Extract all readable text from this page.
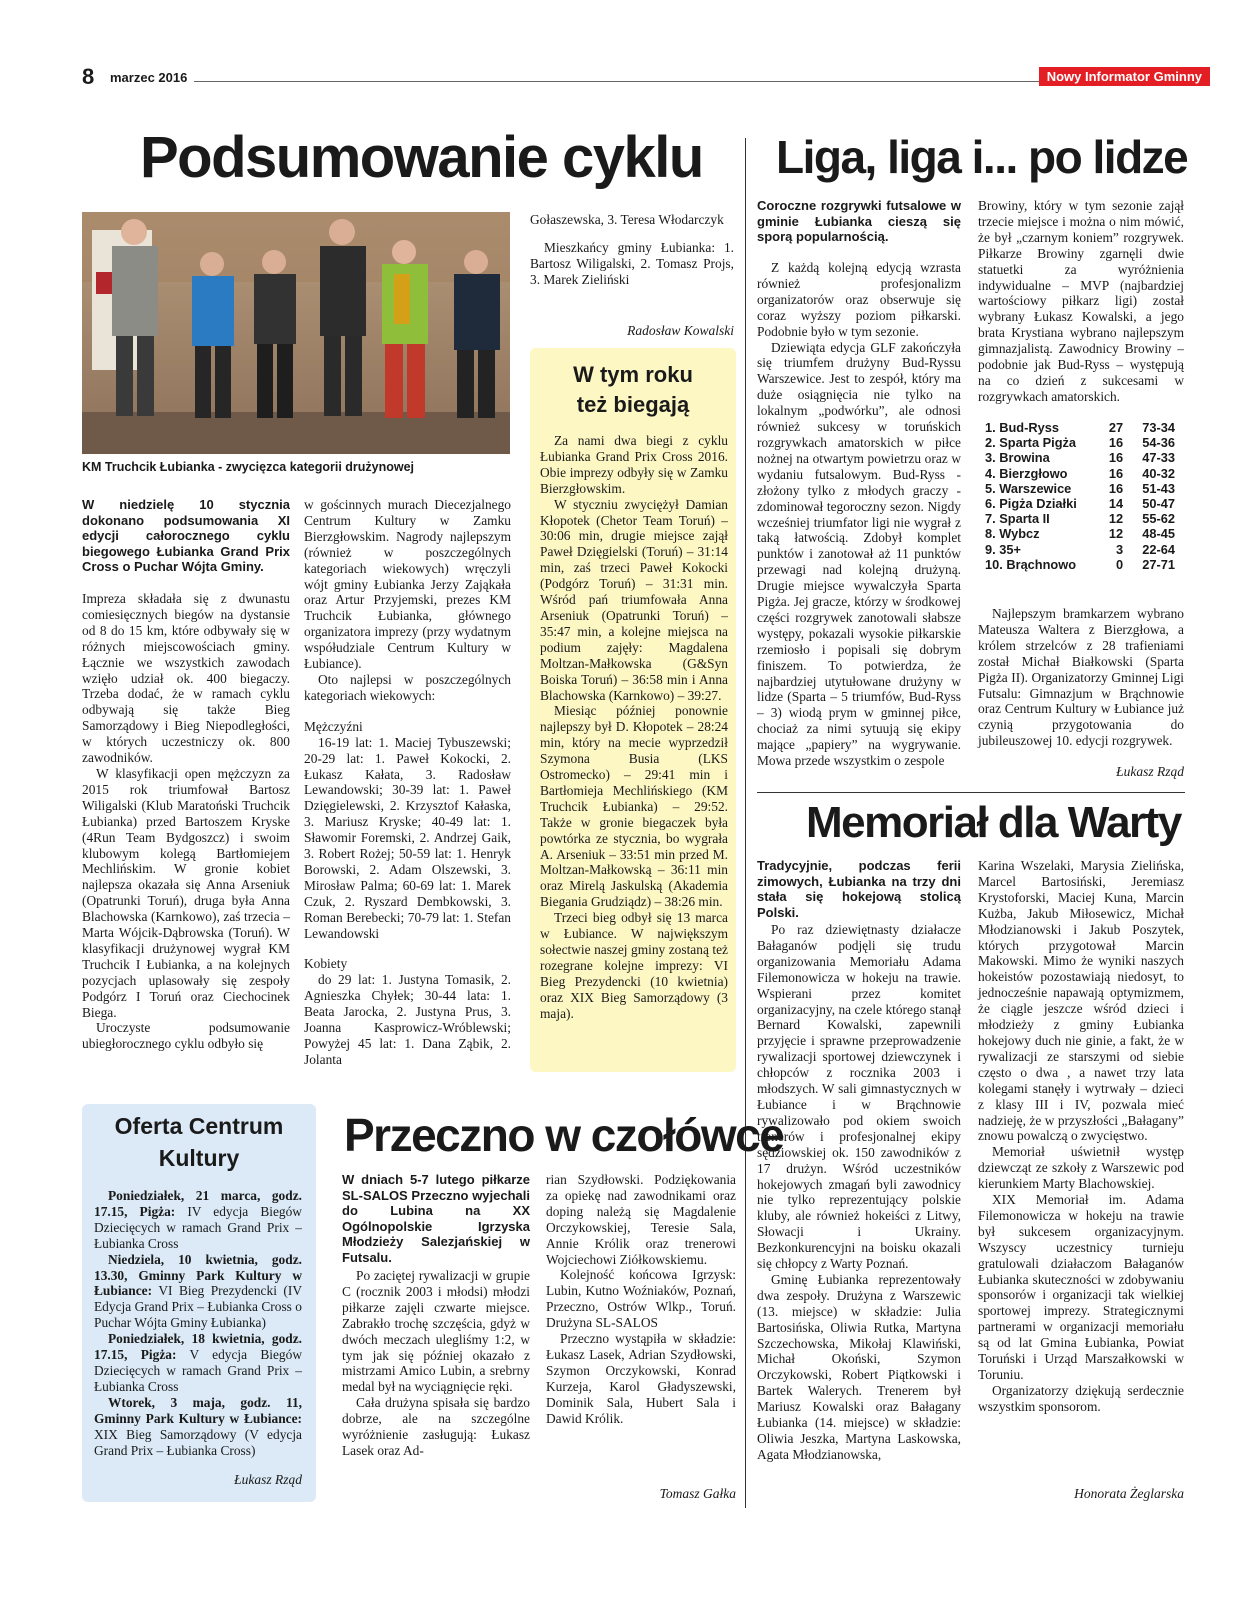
8 marzec 2016	Nowy Informator Gminny
Podsumowanie cyklu
KM Truchcik Łubianka - zwycięzca kategorii drużynowej

W niedzielę 10 stycznia dokonano podsumowania XI edycji całorocznego cyklu biegowego Łubianka Grand Prix Cross o Puchar Wójta Gminy.

Impreza składała się z dwunastu comiesięcznych biegów na dystansie od 8 do 15 km, które odbywały się w różnych miejscowościach gminy. Łącznie we wszystkich zawodach wzięło udział ok. 400 biegaczy. Trzeba dodać, że w ramach cyklu odbywają się także Bieg Samorządowy i Bieg Niepodległości, w których uczestniczy ok. 800 zawodników.

W klasyfikacji open mężczyzn za 2015 rok triumfował Bartosz Wiligalski (Klub Maratoński Truchcik Łubianka) przed Bartoszem Kryske (4Run Team Bydgoszcz) i swoim klubowym kolegą Bartłomiejem Mechlińskim. W gronie kobiet najlepsza okazała się Anna Arseniuk (Opatrunki Toruń), druga była Anna Blachowska (Karnkowo), zaś trzecia – Marta Wójcik-Dąbrowska (Toruń). W klasyfikacji drużynowej wygrał KM Truchcik I Łubianka, a na kolejnych pozycjach uplasowały się zespoły Podgórz I Toruń oraz Ciechocinek Biega.

Uroczyste podsumowanie ubiegłorocznego cyklu odbyło się

w gościnnych murach Diecezjalnego Centrum Kultury w Zamku Bierzgłowskim. Nagrody najlepszym (również w poszczególnych kategoriach wiekowych) wręczyli wójt gminy Łubianka Jerzy Zająkała oraz Artur Przyjemski, prezes KM Truchcik Łubianka, głównego organizatora imprezy (przy wydatnym współudziale Centrum Kultury w Łubiance).

Oto najlepsi w poszczególnych kategoriach wiekowych:

Mężczyźni

16-19 lat: 1. Maciej Tybuszewski; 20-29 lat: 1. Paweł Kokocki, 2. Łukasz Kałata, 3. Radosław Lewandowski; 30-39 lat: 1. Paweł Dzięgielewski, 2. Krzysztof Kałaska, 3. Mariusz Kryske; 40-49 lat: 1. Sławomir Foremski, 2. Andrzej Gaik, 3. Robert Rożej; 50-59 lat: 1. Henryk Borowski, 2. Adam Olszewski, 3. Mirosław Palma; 60-69 lat: 1. Marek Czuk, 2. Ryszard Dembkowski, 3. Roman Berebecki; 70-79 lat: 1. Stefan Lewandowski

Kobiety

do 29 lat: 1. Justyna Tomasik, 2. Agnieszka Chyłek; 30-44 lata: 1. Beata Jarocka, 2. Justyna Prus, 3. Joanna Kasprowicz-Wróblewski; Powyżej 45 lat: 1. Dana Ząbik, 2. Jolanta

Gołaszewska, 3. Teresa Włodarczyk

Mieszkańcy gminy Łubianka: 1. Bartosz Wiligalski, 2. Tomasz Projs, 3. Marek Zieliński

Radosław Kowalski
W tym roku
też biegają

Za nami dwa biegi z cyklu Łubianka Grand Prix Cross 2016. Obie imprezy odbyły się w Zamku Bierzgłowskim.

W styczniu zwyciężył Damian Kłopotek (Chetor Team Toruń) – 30:06 min, drugie miejsce zajął Paweł Dzięgielski (Toruń) – 31:14 min, zaś trzeci Paweł Kokocki (Podgórz Toruń) – 31:31 min. Wśród pań triumfowała Anna Arseniuk (Opatrunki Toruń) – 35:47 min, a kolejne miejsca na podium zajęły: Magdalena Moltzan-Małkowska (G&Syn Boiska Toruń) – 36:58 min i Anna Blachowska (Karnkowo) – 39:27.

Miesiąc później ponownie najlepszy był D. Kłopotek – 28:24 min, który na mecie wyprzedził Szymona Busia (LKS Ostromecko) – 29:41 min i Bartłomieja Mechlińskiego (KM Truchcik Łubianka) – 29:52. Także w gronie biegaczek była powtórka ze stycznia, bo wygrała A. Arseniuk – 33:51 min przed M. Moltzan-Małkowską – 36:11 min oraz Mirelą Jaskulską (Akademia Biegania Grudziądz) – 38:26 min.

Trzeci bieg odbył się 13 marca w Łubiance. W największym sołectwie naszej gminy zostaną też rozegrane kolejne imprezy: VI Bieg Prezydencki (10 kwietnia) oraz XIX Bieg Samorządowy (3 maja).

Liga, liga i... po lidze

Coroczne rozgrywki futsalowe w gminie Łubianka cieszą się sporą popularnością.

Z każdą kolejną edycją wzrasta również profesjonalizm organizatorów oraz obserwuje się coraz wyższy poziom piłkarski. Podobnie było w tym sezonie.

Dziewiąta edycja GLF zakończyła się triumfem drużyny Bud-Ryssu Warszewice. Jest to zespół, który ma duże osiągnięcia nie tylko na lokalnym „podwórku”, ale odnosi również sukcesy w toruńskich rozgrywkach amatorskich w piłce nożnej na otwartym powietrzu oraz w wydaniu futsalowym. Bud-Ryss - złożony tylko z młodych graczy - zdominował tegoroczny sezon. Nigdy wcześniej triumfator ligi nie wygrał z taką łatwością. Zdobył komplet punktów i zanotował aż 11 punktów przewagi nad kolejną drużyną. Drugie miejsce wywalczyła Sparta Pigża. Jej gracze, którzy w środkowej części rozgrywek zanotowali słabsze występy, pokazali wysokie piłkarskie rzemiosło i popisali się dobrym finiszem. To potwierdza, że najbardziej utytułowane drużyny w lidze (Sparta – 5 triumfów, Bud-Ryss – 3) wiodą prym w gminnej piłce, chociaż za nimi sytuują się ekipy mające „papiery” na wygrywanie. Mowa przede wszystkim o zespole

Browiny, który w tym sezonie zajął trzecie miejsce i można o nim mówić, że był „czarnym koniem” rozgrywek. Piłkarze Browiny zgarnęli dwie statuetki za wyróżnienia indywidualne – MVP (najbardziej wartościowy piłkarz ligi) został wybrany Łukasz Kowalski, a jego brata Krystiana wybrano najlepszym gimnazjalistą. Zawodnicy Browiny – podobnie jak Bud-Ryss – występują na co dzień z sukcesami w rozgrywkach amatorskich.

1. Bud-Ryss	27	73-34
2. Sparta Pigża	16	54-36
3. Browina	16	47-33
4. Bierzgłowo	16	40-32
5. Warszewice	16	51-43
6. Pigża Działki	14	50-47
7. Sparta II	12	55-62
8. Wybcz	12	48-45
9. 35+	3	22-64
10. Brąchnowo	0	27-71

Najlepszym bramkarzem wybrano Mateusza Waltera z Bierzgłowa, a królem strzelców z 28 trafieniami został Michał Białkowski (Sparta Pigża II). Organizatorzy Gminnej Ligi Futsalu: Gimnazjum w Brąchnowie oraz Centrum Kultury w Łubiance już czynią przygotowania do jubileuszowej 10. edycji rozgrywek.

Łukasz Rząd
Memoriał dla Warty

Tradycyjnie, podczas ferii zimowych, Łubianka na trzy dni stała się hokejową stolicą Polski.

Po raz dziewiętnasty działacze Bałaganów podjęli się trudu organizowania Memoriału Adama Filemonowicza w hokeju na trawie. Wspierani przez komitet organizacyjny, na czele którego stanął Bernard Kowalski, zapewnili przyjęcie i sprawne przeprowadzenie rywalizacji sportowej dziewczynek i chłopców z rocznika 2003 i młodszych. W sali gimnastycznych w Łubiance i w Brąchnowie rywalizowało pod okiem swoich trenerów i profesjonalnej ekipy sędziowskiej ok. 150 zawodników z 17 drużyn. Wśród uczestników hokejowych zmagań byli zawodnicy nie tylko reprezentujący polskie kluby, ale również hokeiści z Litwy, Słowacji i Ukrainy. Bezkonkurencyjni na boisku okazali się chłopcy z Warty Poznań.

Gminę Łubianka reprezentowały dwa zespoły. Drużyna z Warszewic (13. miejsce) w składzie: Julia Bartosińska, Oliwia Rutka, Martyna Szczechowska, Mikołaj Klawiński, Michał Okoński, Szymon Orczykowski, Robert Piątkowski i Bartek Walerych. Trenerem był Mariusz Kowalski oraz Bałagany Łubianka (14. miejsce) w składzie: Oliwia Jeszka, Martyna Laskowska, Agata Młodzianowska,

Karina Wszelaki, Marysia Zielińska, Marcel Bartosiński, Jeremiasz Krystoforski, Maciej Kuna, Marcin Kużba, Jakub Miłosewicz, Michał Młodzianowski i Jakub Poszytek, których przygotował Marcin Makowski. Mimo że wyniki naszych hokeistów pozostawiają niedosyt, to jednocześnie napawają optymizmem, że ciągle jeszcze wśród dzieci i młodzieży z gminy Łubianka hokejowy duch nie ginie, a fakt, że w rywalizacji ze starszymi od siebie często o dwa , a nawet trzy lata kolegami stanęły i wytrwały – dzieci z klasy III i IV, pozwala mieć nadzieję, że w przyszłości „Bałagany” znowu powalczą o zwycięstwo.

Memoriał uświetnił występ dziewcząt ze szkoły z Warszewic pod kierunkiem Marty Blachowskiej.

XIX Memoriał im. Adama Filemonowicza w hokeju na trawie był sukcesem organizacyjnym. Wszyscy uczestnicy turnieju gratulowali działaczom Bałaganów Łubianka skuteczności w zdobywaniu sponsorów i organizacji tak wielkiej sportowej imprezy. Strategicznymi partnerami w organizacji memoriału są od lat Gmina Łubianka, Powiat Toruński i Urząd Marszałkowski w Toruniu.

Organizatorzy dziękują serdecznie wszystkim sponsorom.

Honorata Żeglarska
Oferta Centrum
Kultury

Poniedziałek, 21 marca, godz. 17.15, Pigża: IV edycja Biegów Dziecięcych w ramach Grand Prix – Łubianka Cross

Niedziela, 10 kwietnia, godz. 13.30, Gminny Park Kultury w Łubiance: VI Bieg Prezydencki (IV Edycja Grand Prix – Łubianka Cross o Puchar Wójta Gminy Łubianka)

Poniedziałek, 18 kwietnia, godz. 17.15, Pigża: V edycja Biegów Dziecięcych w ramach Grand Prix – Łubianka Cross

Wtorek, 3 maja, godz. 11, Gminny Park Kultury w Łubiance: XIX Bieg Samorządowy (V edycja Grand Prix – Łubianka Cross)

Łukasz Rząd
Przeczno w czołówce

W dniach 5-7 lutego piłkarze SL-SALOS Przeczno wyjechali do Lubina na XX Ogólnopolskie Igrzyska Młodzieży Salezjańskiej w Futsalu.

Po zaciętej rywalizacji w grupie C (rocznik 2003 i młodsi) młodzi piłkarze zajęli czwarte miejsce. Zabrakło trochę szczęścia, gdyż w dwóch meczach ulegliśmy 1:2, w tym jak się później okazało z mistrzami Amico Lubin, a srebrny medal był na wyciągnięcie ręki.

Cała drużyna spisała się bardzo dobrze, ale na szczególne wyróżnienie zasługują: Łukasz Lasek oraz Ad-

rian Szydłowski. Podziękowania za opiekę nad zawodnikami oraz doping należą się Magdalenie Orczykowskiej, Teresie Sala, Annie Królik oraz trenerowi Wojciechowi Ziółkowskiemu.

Kolejność końcowa Igrzysk: Lubin, Kutno Woźniaków, Poznań, Przeczno, Ostrów Wlkp., Toruń. Drużyna SL-SALOS

Przeczno wystąpiła w składzie: Łukasz Lasek, Adrian Szydłowski, Szymon Orczykowski, Konrad Kurzeja, Karol Gładyszewski, Dominik Sala, Hubert Sala i Dawid Królik.

Tomasz Gałka
